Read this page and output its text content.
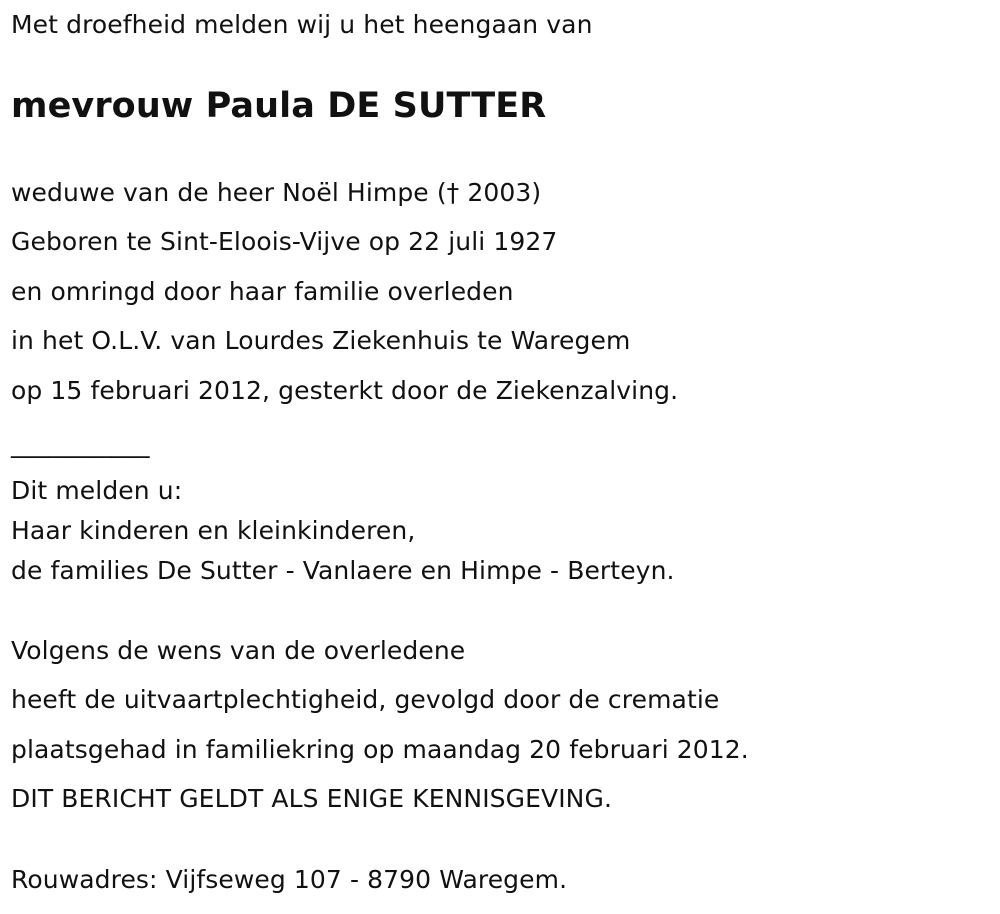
Met droefheid melden wij u het heengaan van
mevrouw Paula DE SUTTER
weduwe van de heer Noël Himpe († 2003)
Geboren te Sint-Eloois-Vijve op 22 juli 1927
en omringd door haar familie overleden
in het O.L.V. van Lourdes Ziekenhuis te Waregem
op 15 februari 2012, gesterkt door de Ziekenzalving.
___________
Dit melden u:
Haar kinderen en kleinkinderen,
de families De Sutter - Vanlaere en Himpe - Berteyn.
Volgens de wens van de overledene
heeft de uitvaartplechtigheid, gevolgd door de crematie
plaatsgehad in familiekring op maandag 20 februari 2012.
DIT BERICHT GELDT ALS ENIGE KENNISGEVING.
Rouwadres: Vijfseweg 107 - 8790 Waregem.
